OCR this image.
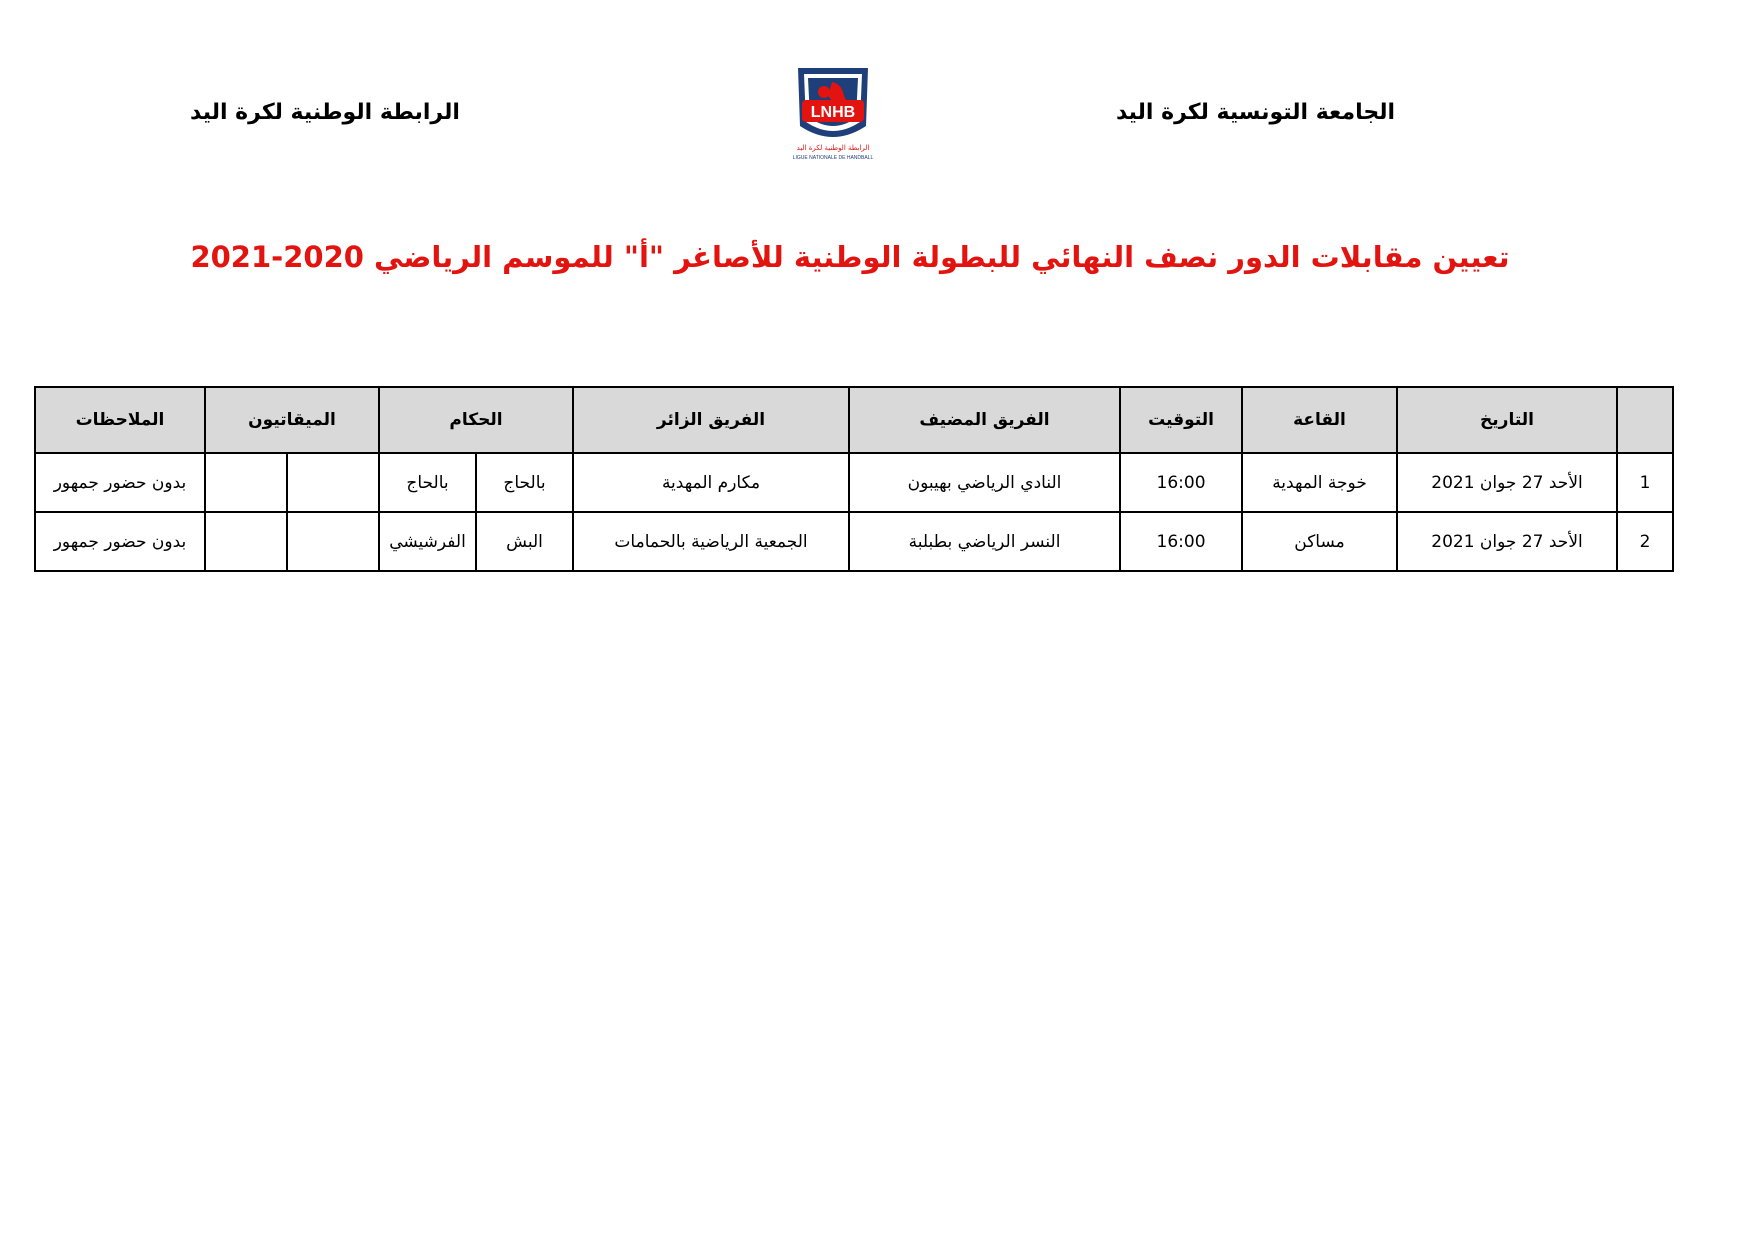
الجامعة التونسية لكرة اليد
LNHB
الرابطة الوطنية لكرة اليد
LIGUE NATIONALE DE HANDBALL
الرابطة الوطنية لكرة اليد
تعيين مقابلات الدور نصف النهائي للبطولة الوطنية للأصاغر "أ" للموسم الرياضي 2020-2021
	التاريخ	القاعة	التوقيت	الفريق المضيف	الفريق الزائر	الحكام		الميقاتيون		الملاحظات
1	الأحد 27 جوان 2021	خوجة المهدية	16:00	النادي الرياضي بهيبون	مكارم المهدية	بالحاج	بالحاج			بدون حضور جمهور
2	الأحد 27 جوان 2021	مساكن	16:00	النسر الرياضي بطبلبة	الجمعية الرياضية بالحمامات	البش	الفرشيشي			بدون حضور جمهور
